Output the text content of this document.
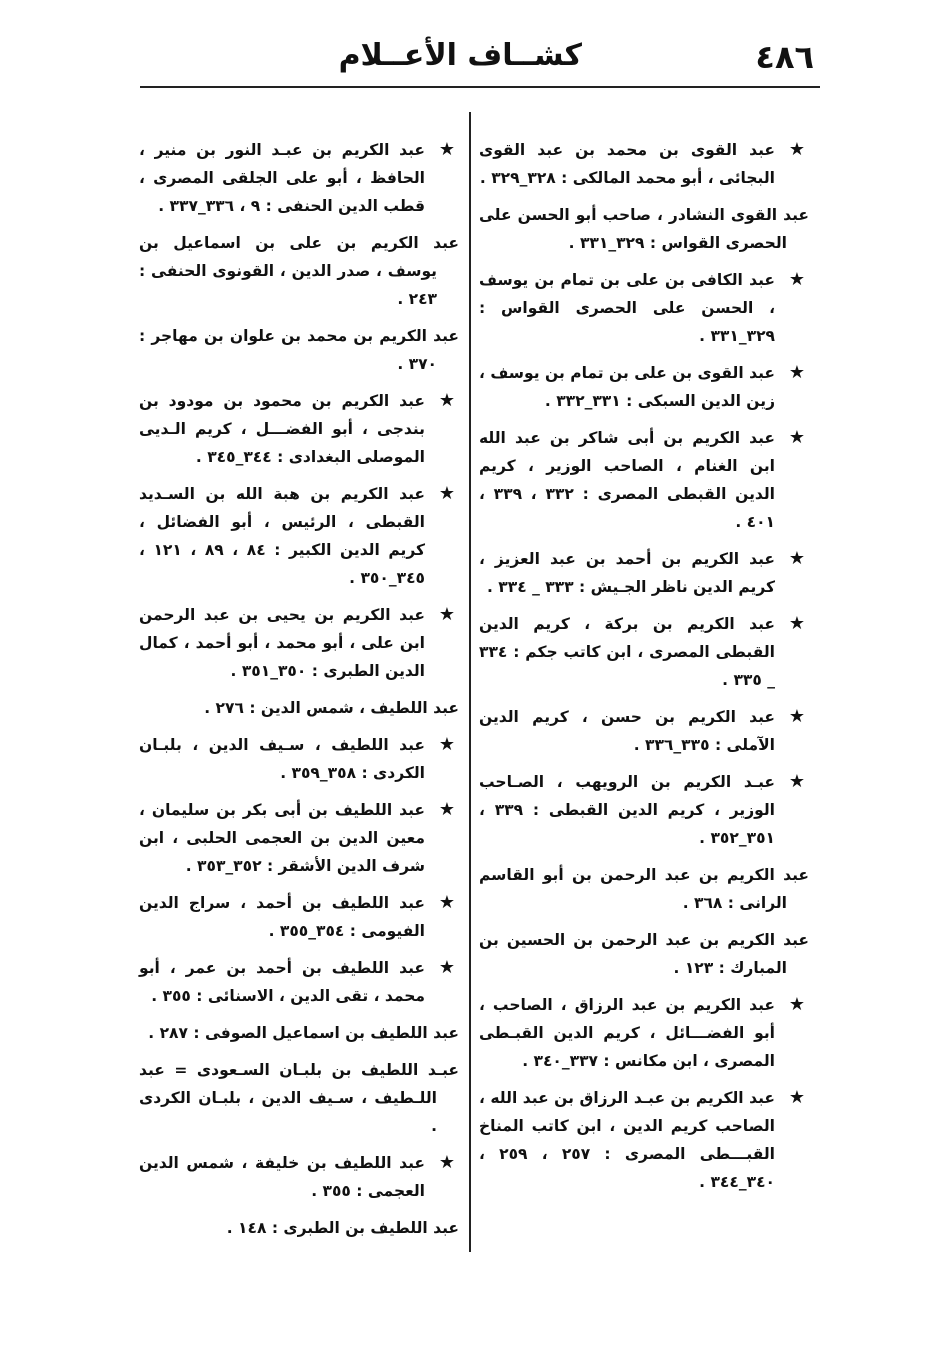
٤٨٦
كشــاف الأعــلام
★
عبد القوى بن محمد بن عبد القوى البجائى ، أبو محمد المالكى : ٣٢٨_٣٢٩ .
عبد القوى النشادر ، صاحب أبو الحسن على الحصرى القواس : ٣٢٩_٣٣١ .
★
عبد الكافى بن على بن تمام بن يوسف ، الحسن على الحصرى القواس : ٣٢٩_٣٣١ .
★
عبد القوى بن على بن تمام بن يوسف ، زين الدين السبكى : ٣٣١_٣٣٢ .
★
عبد الكريم بن أبى شاكر بن عبد الله ابن الغنام ، الصاحب الوزير ، كريم الدين القبطى المصرى : ٣٣٢ ، ٣٣٩ ، ٤٠١ .
★
عبد الكريم بن أحمد بن عبد العزيز ، كريم الدين ناظر الجـيش : ٣٣٣ _ ٣٣٤ .
★
عبد الكريم بن بركة ، كريم الدين القبطى المصرى ، ابن كاتب جكم : ٣٣٤ _ ٣٣٥ .
★
عبد الكريم بن حسن ، كريم الدين الآملى : ٣٣٥_٣٣٦ .
★
عبـد الكريم بن الرويهب ، الصـاحب الوزير ، كريم الدين القبطى : ٣٣٩ ، ٣٥١_٣٥٢ .
عبد الكريم بن عبد الرحمن بن أبو القاسم الرانى : ٣٦٨ .
عبد الكريم بن عبد الرحمن بن الحسين بن المبارك : ١٢٣ .
★
عبد الكريم بن عبد الرزاق ، الصاحب ، أبو الفضـــائل ، كريم الدين القبـطى المصرى ، ابن مكانس : ٣٣٧_٣٤٠ .
★
عبد الكريم بن عبـد الرزاق بن عبد الله ، الصاحب كريم الدين ، ابن كاتب المناخ القبـــطى المصرى : ٢٥٧ ، ٢٥٩ ، ٣٤٠_٣٤٤ .
★
عبد الكريم بن عبـد النور بن منير ، الحافظ ، أبو على الجلقى المصرى ، قطب الدين الحنفى : ٩ ، ٣٣٦_٣٣٧ .
عبد الكريم بن على بن اسماعيل بن يوسف ، صدر الدين ، القونوى الحنفى : ٢٤٣ .
عبد الكريم بن محمد بن علوان بن مهاجر : ٣٧٠ .
★
عبد الكريم بن محمود بن مودود بن بندجى ، أبو الفضـــل ، كريم الـديى الموصلى البغدادى : ٣٤٤_٣٤٥ .
★
عبد الكريم بن هبة الله بن السـديد القبطى ، الرئيس ، أبو الفضائل ، كريم الدين الكبير : ٨٤ ، ٨٩ ، ١٢١ ، ٣٤٥_٣٥٠ .
★
عبد الكريم بن يحيى بن عبد الرحمن ابن على ، أبو محمد ، أبو أحمد ، كمال الدين الطبرى : ٣٥٠_٣٥١ .
عبد اللطيف ، شمس الدين : ٢٧٦ .
★
عبد اللطيف ، سـيف الدين ، بلبـان الكردى : ٣٥٨_٣٥٩ .
★
عبد اللطيف بن أبى بكر بن سليمان ، معين الدين بن العجمى الحلبى ، ابن شرف الدين الأشقر : ٣٥٢_٣٥٣ .
★
عبد اللطيف بن أحمد ، سراج الدين الفيومى : ٣٥٤_٣٥٥ .
★
عبد اللطيف بن أحمد بن عمر ، أبو محمد ، تقى الدين ، الاسنائى : ٣٥٥ .
عبد اللطيف بن اسماعيل الصوفى : ٢٨٧ .
عبـد اللطيف بن بلبـان السـعودى = عبد اللـطيف ، سـيف الدين ، بلبـان الكردى .
★
عبد اللطيف بن خليفة ، شمس الدين العجمى : ٣٥٥ .
عبد اللطيف بن الطبرى : ١٤٨ .
